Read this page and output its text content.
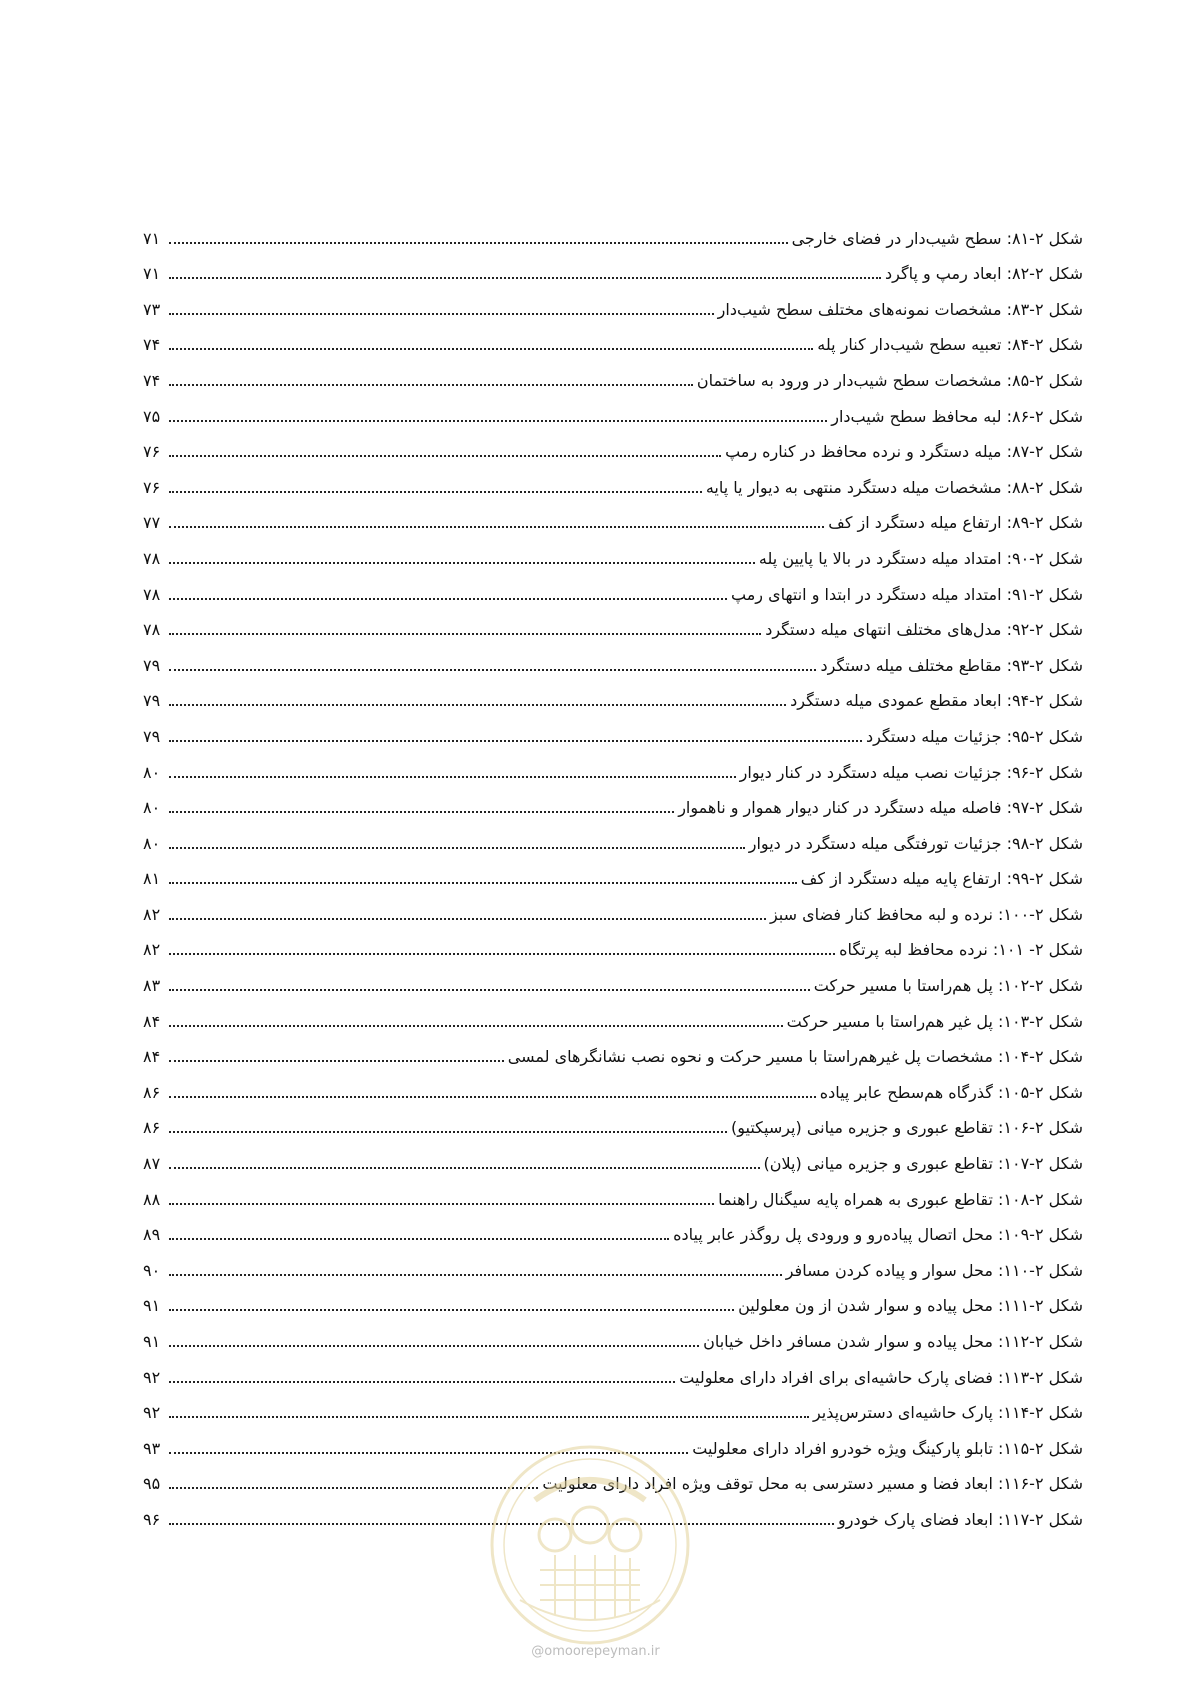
شکل ۲-۸۱: سطح شیب‌دار در فضای خارجی
۷۱
شکل ۲-۸۲: ابعاد رمپ و پاگرد
۷۱
شکل ۲-۸۳: مشخصات نمونه‌های مختلف سطح شیب‌دار
۷۳
شکل ۲-۸۴: تعبیه سطح شیب‌دار کنار پله
۷۴
شکل ۲-۸۵: مشخصات سطح شیب‌دار در ورود به ساختمان
۷۴
شکل ۲-۸۶: لبه محافظ سطح شیب‌دار
۷۵
شکل ۲-۸۷: میله دستگرد و نرده محافظ در کناره رمپ
۷۶
شکل ۲-۸۸: مشخصات میله دستگرد منتهی به دیوار یا پایه
۷۶
شکل ۲-۸۹: ارتفاع میله دستگرد از کف
۷۷
شکل ۲-۹۰: امتداد میله دستگرد در بالا یا پایین پله
۷۸
شکل ۲-۹۱: امتداد میله دستگرد در ابتدا و انتهای رمپ
۷۸
شکل ۲-۹۲: مدل‌های مختلف انتهای میله دستگرد
۷۸
شکل ۲-۹۳: مقاطع مختلف میله دستگرد
۷۹
شکل ۲-۹۴: ابعاد مقطع عمودی میله دستگرد
۷۹
شکل ۲-۹۵: جزئیات میله دستگرد
۷۹
شکل ۲-۹۶: جزئیات نصب میله دستگرد در کنار دیوار
۸۰
شکل ۲-۹۷: فاصله میله دستگرد در کنار دیوار هموار و ناهموار
۸۰
شکل ۲-۹۸: جزئیات تورفتگی میله دستگرد در دیوار
۸۰
شکل ۲-۹۹: ارتفاع پایه میله دستگرد از کف
۸۱
شکل ۲-۱۰۰: نرده و لبه محافظ کنار فضای سبز
۸۲
شکل ۲- ۱۰۱: نرده محافظ لبه پرتگاه
۸۲
شکل ۲-۱۰۲: پل هم‌راستا با مسیر حرکت
۸۳
شکل ۲-۱۰۳: پل غیر هم‌راستا با مسیر حرکت
۸۴
شکل ۲-۱۰۴: مشخصات پل غیرهم‌راستا با مسیر حرکت و نحوه نصب نشانگرهای لمسی
۸۴
شکل ۲-۱۰۵: گذرگاه هم‌سطح عابر پیاده
۸۶
شکل ۲-۱۰۶: تقاطع عبوری و جزیره میانی (پرسپکتیو)
۸۶
شکل ۲-۱۰۷: تقاطع عبوری و جزیره میانی (پلان)
۸۷
شکل ۲-۱۰۸: تقاطع عبوری به همراه پایه سیگنال راهنما
۸۸
شکل ۲-۱۰۹: محل اتصال پیاده‌رو و ورودی پل روگذر عابر پیاده
۸۹
شکل ۲-۱۱۰: محل سوار و پیاده کردن مسافر
۹۰
شکل ۲-۱۱۱: محل پیاده و سوار شدن از ون معلولین
۹۱
شکل ۲-۱۱۲: محل پیاده و سوار شدن مسافر داخل خیابان
۹۱
شکل ۲-۱۱۳: فضای پارک حاشیه‌ای برای افراد دارای معلولیت
۹۲
شکل ۲-۱۱۴: پارک حاشیه‌ای دسترس‌پذیر
۹۲
شکل ۲-۱۱۵: تابلو پارکینگ ویژه خودرو افراد دارای معلولیت
۹۳
شکل ۲-۱۱۶: ابعاد فضا و مسیر دسترسی به محل توقف ویژه افراد دارای معلولیت
۹۵
شکل ۲-۱۱۷: ابعاد فضای پارک خودرو
۹۶
@omoorepeyman.ir
